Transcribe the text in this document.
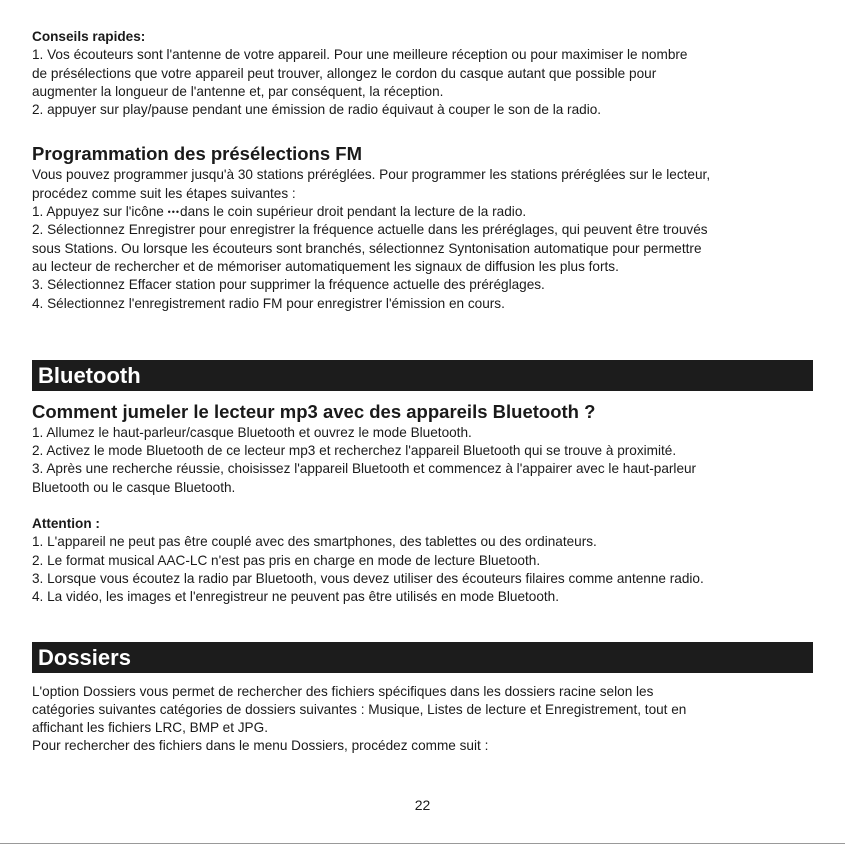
Conseils rapides:
1. Vos écouteurs sont l'antenne de votre appareil. Pour une meilleure réception ou pour maximiser le nombre
de présélections que votre appareil peut trouver, allongez le cordon du casque autant que possible pour
augmenter la longueur de l'antenne et, par conséquent, la réception.
2. appuyer sur play/pause pendant une émission de radio équivaut à couper le son de la radio.
Programmation des présélections FM
Vous pouvez programmer jusqu'à 30 stations préréglées. Pour programmer les stations préréglées sur le lecteur,
procédez comme suit les étapes suivantes :
1. Appuyez sur l'icône •••dans le coin supérieur droit pendant la lecture de la radio.
2. Sélectionnez Enregistrer pour enregistrer la fréquence actuelle dans les préréglages, qui peuvent être trouvés
sous Stations. Ou lorsque les écouteurs sont branchés, sélectionnez Syntonisation automatique pour permettre
au lecteur de rechercher et de mémoriser automatiquement les signaux de diffusion les plus forts.
3. Sélectionnez Effacer station pour supprimer la fréquence actuelle des préréglages.
4. Sélectionnez l'enregistrement radio FM pour enregistrer l'émission en cours.
Bluetooth
Comment jumeler le lecteur mp3 avec des appareils Bluetooth ?
1. Allumez le haut-parleur/casque Bluetooth et ouvrez le mode Bluetooth.
2. Activez le mode Bluetooth de ce lecteur mp3 et recherchez l'appareil Bluetooth qui se trouve à proximité.
3. Après une recherche réussie, choisissez l'appareil Bluetooth et commencez à l'appairer avec le haut-parleur
Bluetooth ou le casque Bluetooth.
Attention :
1. L'appareil ne peut pas être couplé avec des smartphones, des tablettes ou des ordinateurs.
2. Le format musical AAC-LC n'est pas pris en charge en mode de lecture Bluetooth.
3. Lorsque vous écoutez la radio par Bluetooth, vous devez utiliser des écouteurs filaires comme antenne radio.
4. La vidéo, les images et l'enregistreur ne peuvent pas être utilisés en mode Bluetooth.
Dossiers
L'option Dossiers vous permet de rechercher des fichiers spécifiques dans les dossiers racine selon les
catégories suivantes catégories de dossiers suivantes : Musique, Listes de lecture et Enregistrement, tout en
affichant les fichiers LRC, BMP et JPG.
Pour rechercher des fichiers dans le menu Dossiers, procédez comme suit :
22
